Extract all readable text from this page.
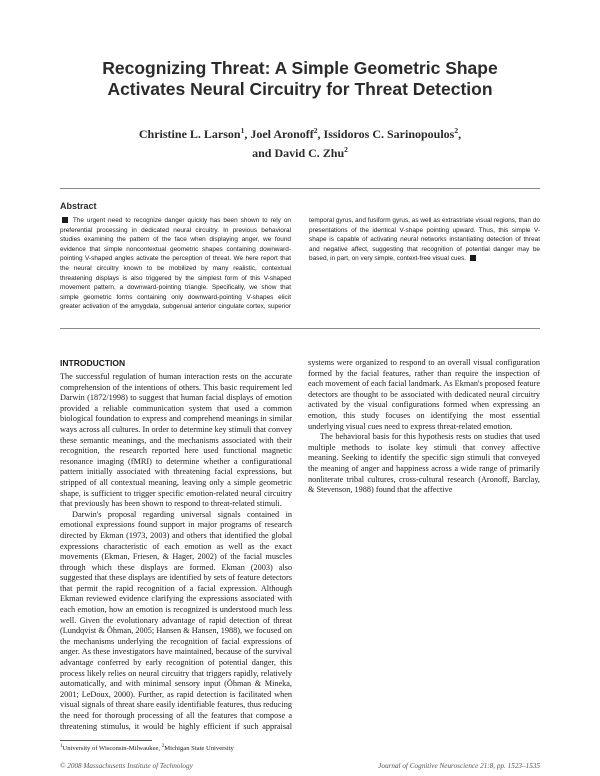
Recognizing Threat: A Simple Geometric Shape
Activates Neural Circuitry for Threat Detection
Christine L. Larson$^1$, Joel Aronoff$^2$, Issidoros C. Sarinopoulos$^2$,
and David C. Zhu$^2$
Abstract
The urgent need to recognize danger quickly has been shown to rely on preferential processing in dedicated neural circuitry. In previous behavioral studies examining the pattern of the face when displaying anger, we found evidence that simple noncontextual geometric shapes containing downward-pointing V-shaped angles activate the perception of threat. We here report that the neural circuitry known to be mobilized by many realistic, contextual threatening displays is also triggered by the simplest form of this V-shaped movement pattern, a downward-pointing triangle. Specifically, we show that simple geometric forms containing only downward-pointing V-shapes elicit greater activation of the amygdala, subgenual anterior cingulate cortex, superior temporal gyrus, and fusiform gyrus, as well as extrastriate visual regions, than do presentations of the identical V-shape pointing upward. Thus, this simple V-shape is capable of activating neural networks instantiating detection of threat and negative affect, suggesting that recognition of potential danger may be based, in part, on very simple, context-free visual cues.
INTRODUCTION

The successful regulation of human interaction rests on the accurate comprehension of the intentions of others. This basic requirement led Darwin (1872/1998) to suggest that human facial displays of emotion provided a reliable communication system that used a common biological foundation to express and comprehend meanings in similar ways across all cultures. In order to determine key stimuli that convey these semantic meanings, and the mechanisms associated with their recognition, the research reported here used functional magnetic resonance imaging (fMRI) to determine whether a configurational pattern initially associated with threatening facial expressions, but stripped of all contextual meaning, leaving only a simple geometric shape, is sufficient to trigger specific emotion-related neural circuitry that previously has been shown to respond to threat-related stimuli.

Darwin's proposal regarding universal signals contained in emotional expressions found support in major programs of research directed by Ekman (1973, 2003) and others that identified the global expressions characteristic of each emotion as well as the exact movements (Ekman, Friesen, & Hager, 2002) of the facial muscles through which these displays are formed. Ekman (2003) also suggested that these displays are identified by sets of feature detectors that permit the rapid recognition of a facial expression. Although Ekman reviewed evidence clarifying the expressions associated with each emotion, how an emotion is recognized is understood much less well. Given the evolutionary advantage of rapid detection of threat (Lundqvist & Öhman, 2005; Hansen & Hansen, 1988), we focused on the mechanisms underlying the recognition of facial expressions of anger. As these investigators have maintained, because of the survival advantage conferred by early recognition of potential danger, this process likely relies on neural circuitry that triggers rapidly, relatively automatically, and with minimal sensory input (Öhman & Mineka, 2001; LeDoux, 2000). Further, as rapid detection is facilitated when visual signals of threat share easily identifiable features, thus reducing the need for thorough processing of all the features that compose a threatening stimulus, it would be highly efficient if such appraisal systems were organized to respond to an overall visual configuration formed by the facial features, rather than require the inspection of each movement of each facial landmark. As Ekman's proposed feature detectors are thought to be associated with dedicated neural circuitry activated by the visual configurations formed when expressing an emotion, this study focuses on identifying the most essential underlying visual cues need to express threat-related emotion.

The behavioral basis for this hypothesis rests on studies that used multiple methods to isolate key stimuli that convey affective meaning. Seeking to identify the specific sign stimuli that conveyed the meaning of anger and happiness across a wide range of primarily nonliterate tribal cultures, cross-cultural research (Aronoff, Barclay, & Stevenson, 1988) found that the affective

$^1$University of Wisconsin-Milwaukee, $^2$Michigan State University
© 2008 Massachusetts Institute of Technology	Journal of Cognitive Neuroscience 21:8, pp. 1523–1535
